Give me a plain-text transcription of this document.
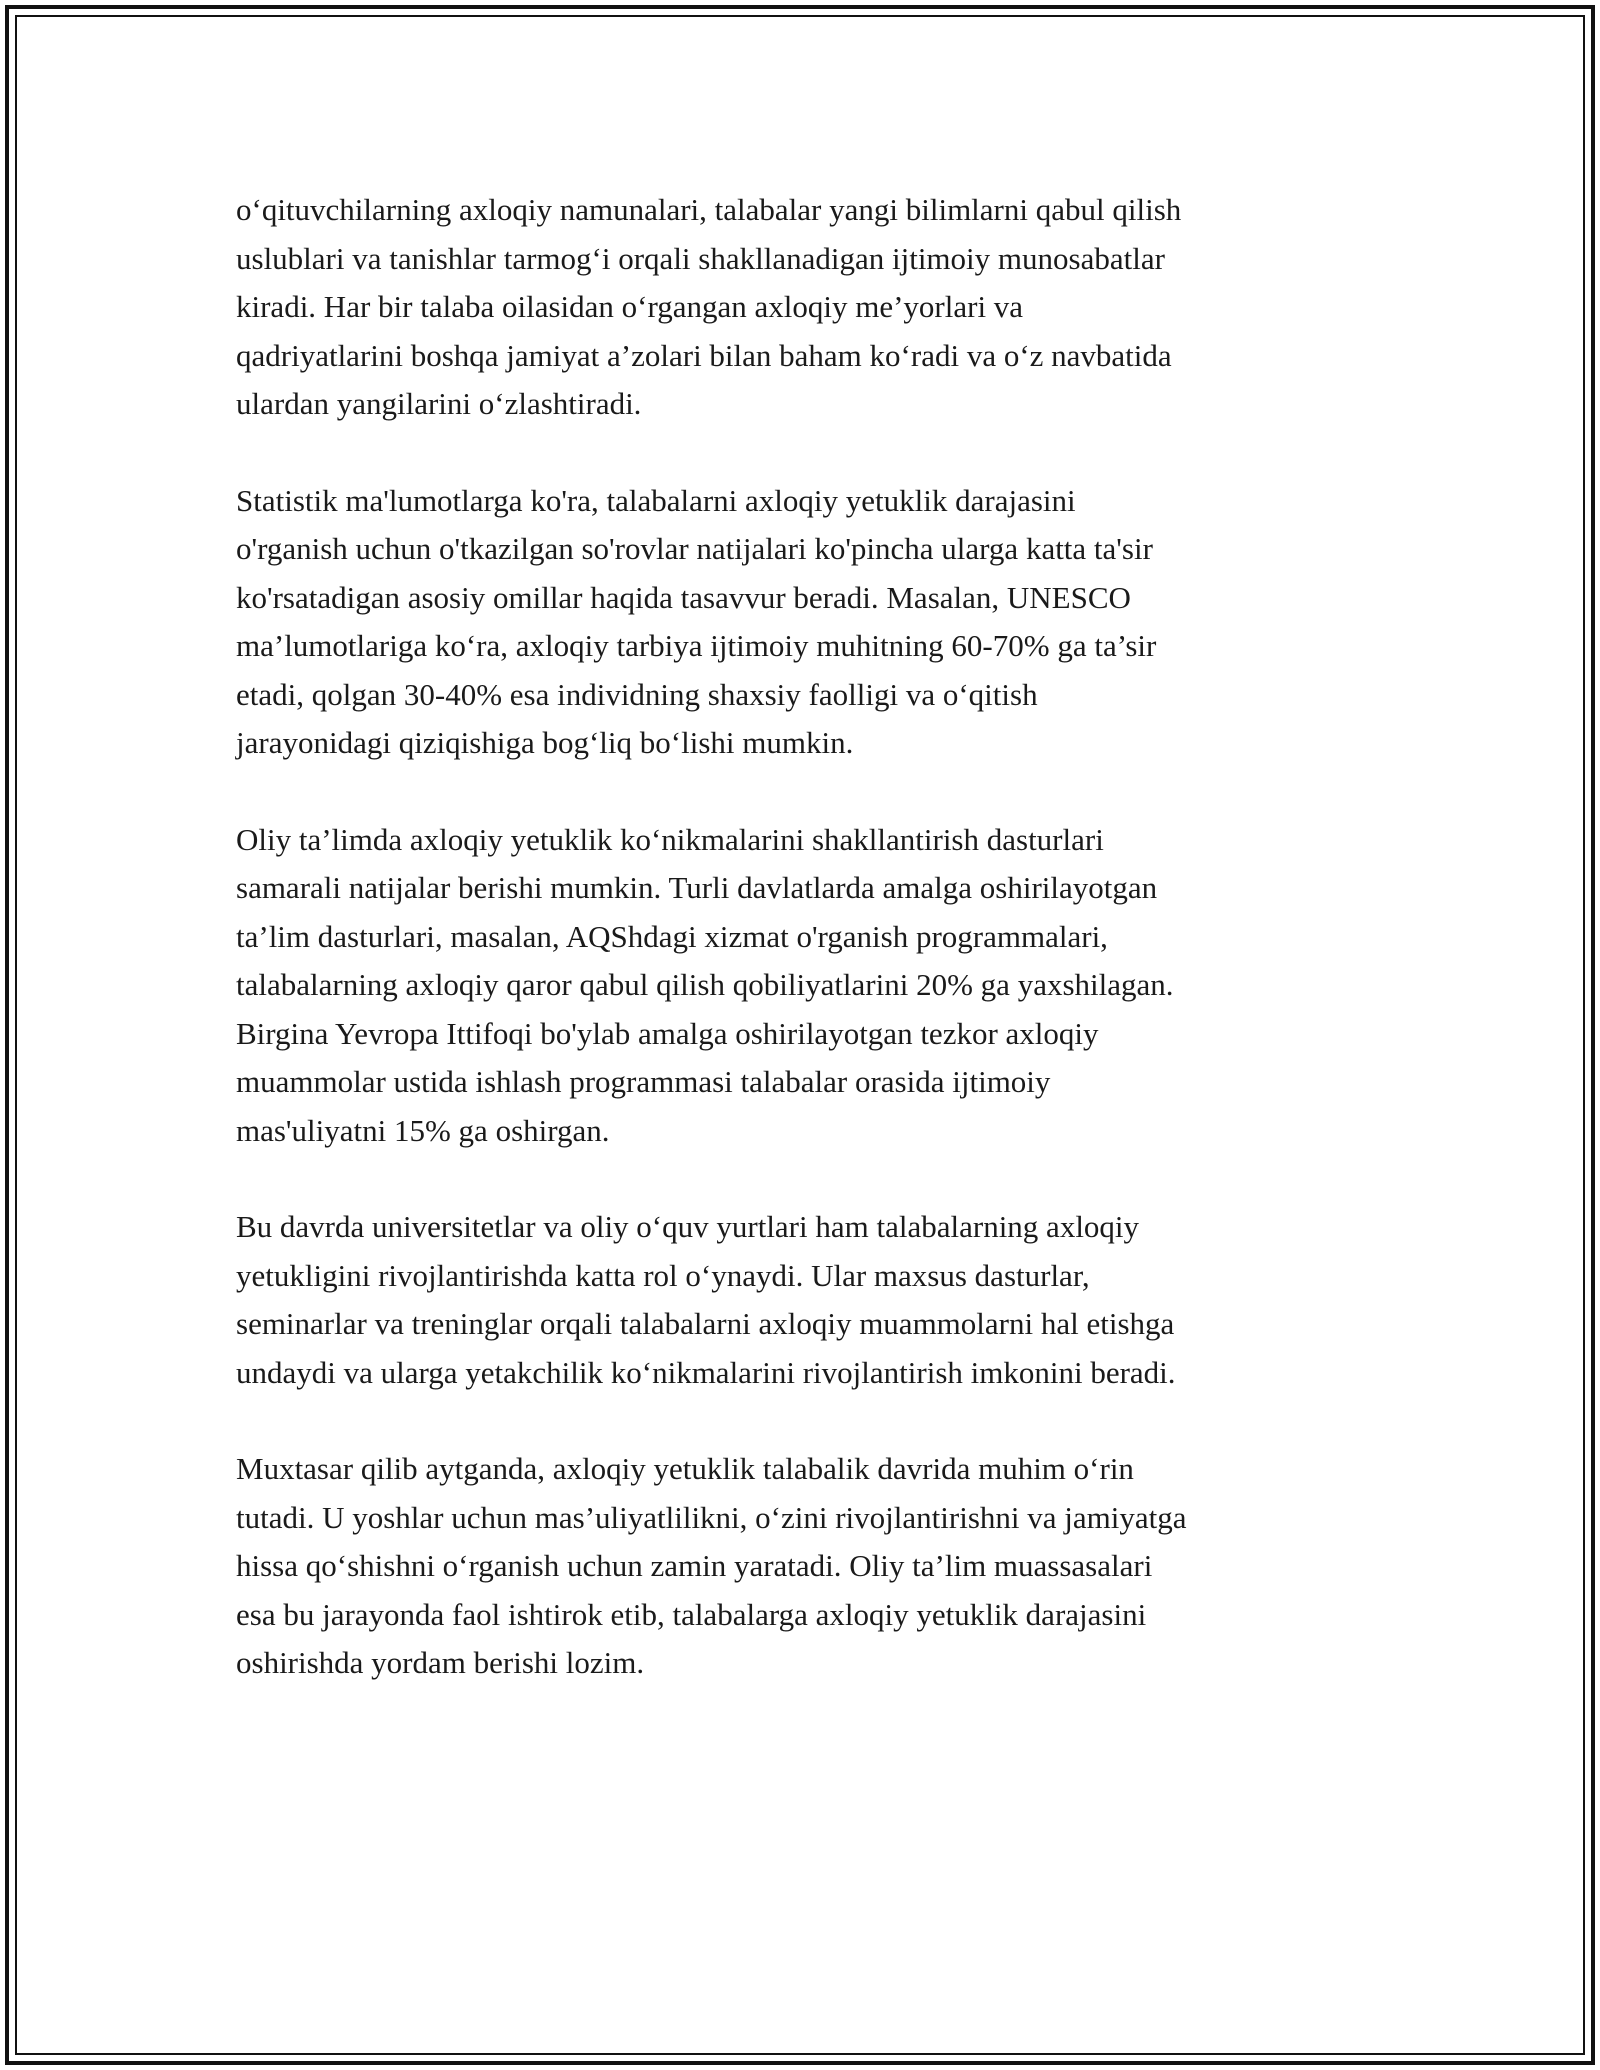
o‘qituvchilarning axloqiy namunalari, talabalar yangi bilimlarni qabul qilish
uslublari va tanishlar tarmog‘i orqali shakllanadigan ijtimoiy munosabatlar
kiradi. Har bir talaba oilasidan o‘rgangan axloqiy me’yorlari va
qadriyatlarini boshqa jamiyat a’zolari bilan baham ko‘radi va o‘z navbatida
ulardan yangilarini o‘zlashtiradi.

Statistik ma'lumotlarga ko'ra, talabalarni axloqiy yetuklik darajasini
o'rganish uchun o'tkazilgan so'rovlar natijalari ko'pincha ularga katta ta'sir
ko'rsatadigan asosiy omillar haqida tasavvur beradi. Masalan, UNESCO
ma’lumotlariga ko‘ra, axloqiy tarbiya ijtimoiy muhitning 60-70% ga ta’sir
etadi, qolgan 30-40% esa individning shaxsiy faolligi va o‘qitish
jarayonidagi qiziqishiga bog‘liq bo‘lishi mumkin.

Oliy ta’limda axloqiy yetuklik ko‘nikmalarini shakllantirish dasturlari
samarali natijalar berishi mumkin. Turli davlatlarda amalga oshirilayotgan
ta’lim dasturlari, masalan, AQShdagi xizmat o'rganish programmalari,
talabalarning axloqiy qaror qabul qilish qobiliyatlarini 20% ga yaxshilagan.
Birgina Yevropa Ittifoqi bo'ylab amalga oshirilayotgan tezkor axloqiy
muammolar ustida ishlash programmasi talabalar orasida ijtimoiy
mas'uliyatni 15% ga oshirgan.

Bu davrda universitetlar va oliy o‘quv yurtlari ham talabalarning axloqiy
yetukligini rivojlantirishda katta rol o‘ynaydi. Ular maxsus dasturlar,
seminarlar va treninglar orqali talabalarni axloqiy muammolarni hal etishga
undaydi va ularga yetakchilik ko‘nikmalarini rivojlantirish imkonini beradi.

Muxtasar qilib aytganda, axloqiy yetuklik talabalik davrida muhim o‘rin
tutadi. U yoshlar uchun mas’uliyatlilikni, o‘zini rivojlantirishni va jamiyatga
hissa qo‘shishni o‘rganish uchun zamin yaratadi. Oliy ta’lim muassasalari
esa bu jarayonda faol ishtirok etib, talabalarga axloqiy yetuklik darajasini
oshirishda yordam berishi lozim.
